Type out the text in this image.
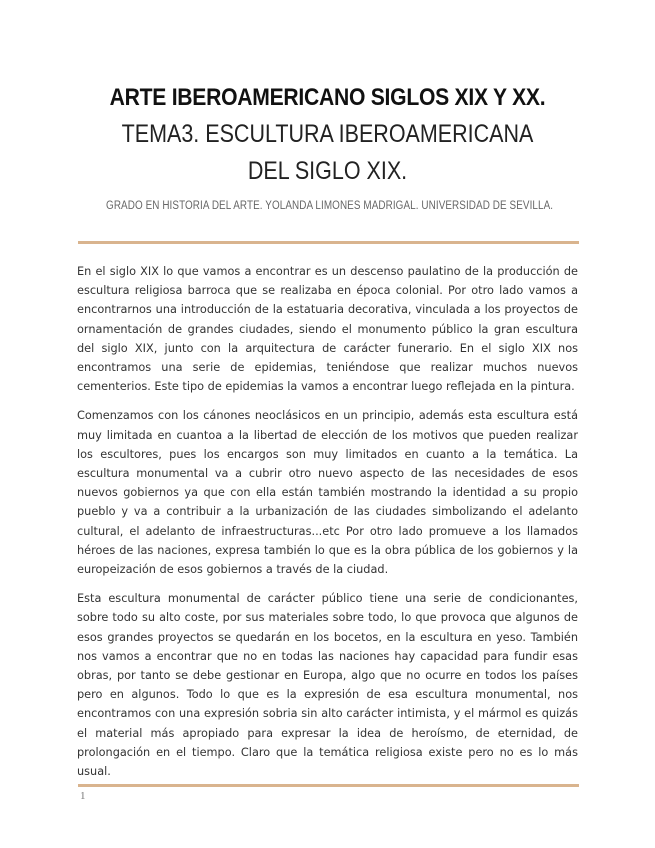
ARTE IBEROAMERICANO SIGLOS XIX Y XX.
TEMA3. ESCULTURA IBEROAMERICANA DEL SIGLO XIX.
GRADO EN HISTORIA DEL ARTE. YOLANDA LIMONES MADRIGAL. UNIVERSIDAD DE SEVILLA.

En el siglo XIX lo que vamos a encontrar es un descenso paulatino de la producción de escultura religiosa barroca que se realizaba en época colonial. Por otro lado vamos a encontrarnos una introducción de la estatuaria decorativa, vinculada a los proyectos de ornamentación de grandes ciudades, siendo el monumento público la gran escultura del siglo XIX, junto con la arquitectura de carácter funerario. En el siglo XIX nos encontramos una serie de epidemias, teniéndose que realizar muchos nuevos cementerios. Este tipo de epidemias la vamos a encontrar luego reflejada en la pintura.

Comenzamos con los cánones neoclásicos en un principio, además esta escultura está muy limitada en cuantoa a la libertad de elección de los motivos que pueden realizar los escultores, pues los encargos son muy limitados en cuanto a la temática. La escultura monumental va a cubrir otro nuevo aspecto de las necesidades de esos nuevos gobiernos ya que con ella están también mostrando la identidad a su propio pueblo y va a contribuir a la urbanización de las ciudades simbolizando el adelanto cultural, el adelanto de infraestructuras...etc Por otro lado promueve a los llamados héroes de las naciones, expresa también lo que es la obra pública de los gobiernos y la europeización de esos gobiernos a través de la ciudad.

Esta escultura monumental de carácter público tiene una serie de condicionantes, sobre todo su alto coste, por sus materiales sobre todo, lo que provoca que algunos de esos grandes proyectos se quedarán en los bocetos, en la escultura en yeso. También nos vamos a encontrar que no en todas las naciones hay capacidad para fundir esas obras, por tanto se debe gestionar en Europa, algo que no ocurre en todos los países pero en algunos. Todo lo que es la expresión de esa escultura monumental, nos encontramos con una expresión sobria sin alto carácter intimista, y el mármol es quizás el material más apropiado para expresar la idea de heroísmo, de eternidad, de prolongación en el tiempo. Claro que la temática religiosa existe pero no es lo más usual.

1
